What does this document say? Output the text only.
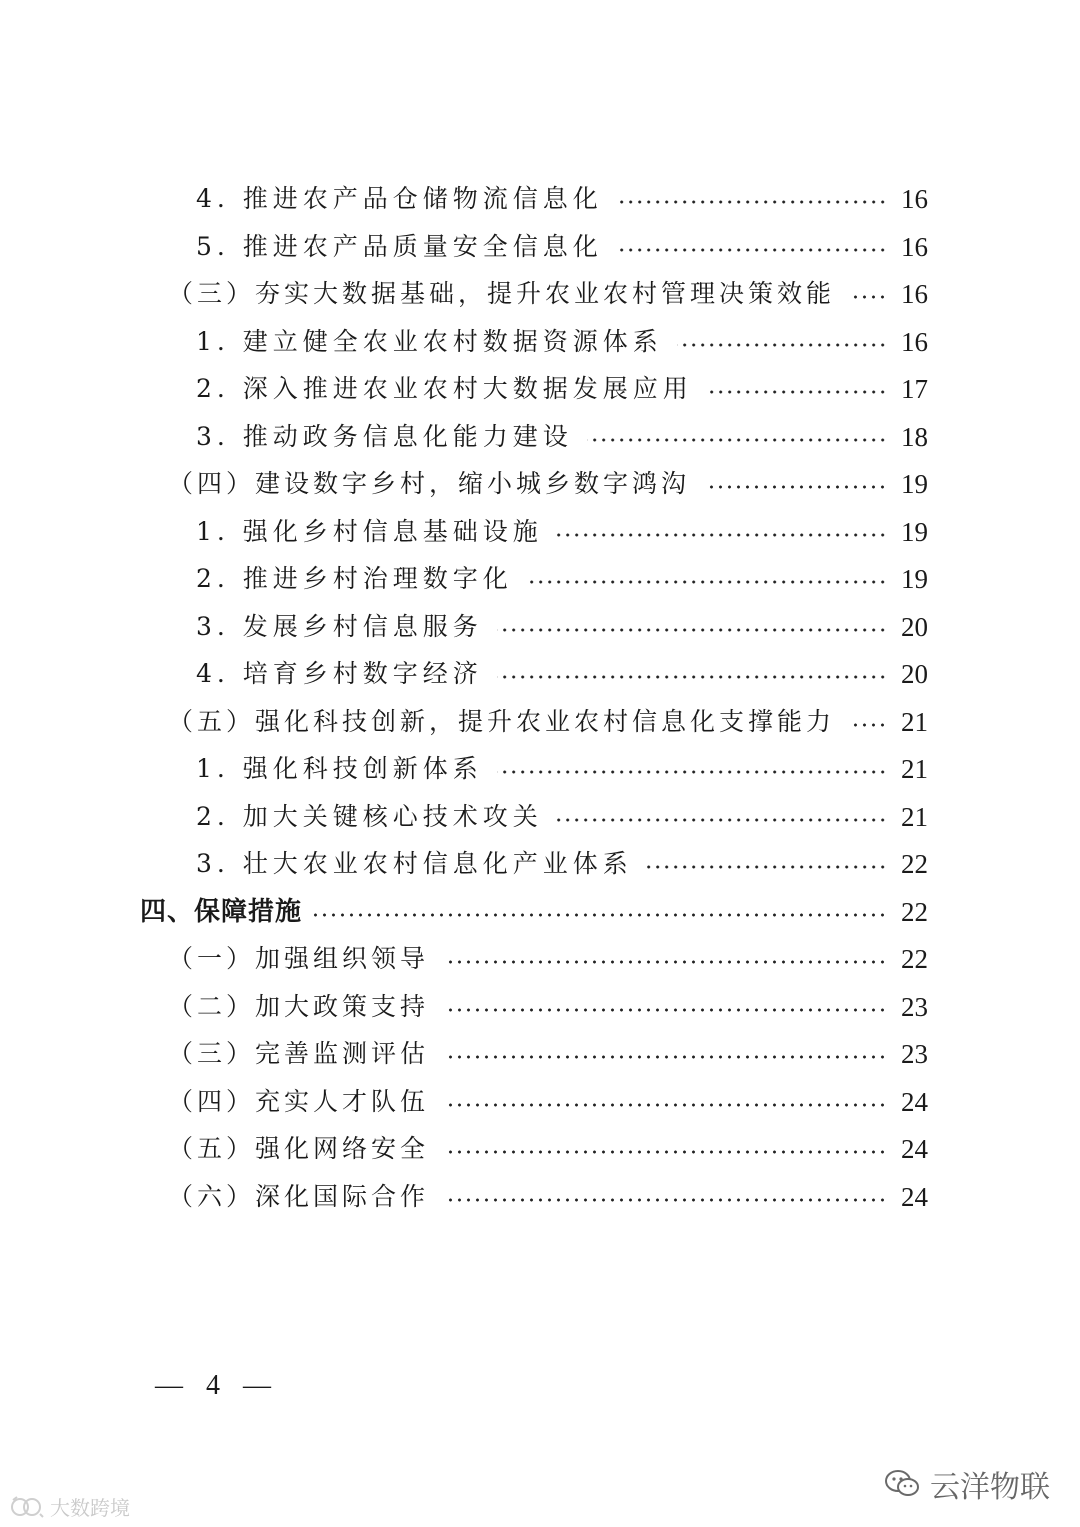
4. 推进农产品仓储物流信息化	16
5. 推进农产品质量安全信息化	16
（三）夯实大数据基础，提升农业农村管理决策效能 16
1. 建立健全农业农村数据资源体系	16
2. 深入推进农业农村大数据发展应用	17
3. 推动政务信息化能力建设	18
（四）建设数字乡村，缩小城乡数字鸿沟	19
1. 强化乡村信息基础设施	19
2. 推进乡村治理数字化	19
3. 发展乡村信息服务	20
4. 培育乡村数字经济	20
（五）强化科技创新，提升农业农村信息化支撑能力 21
1. 强化科技创新体系	21
2. 加大关键核心技术攻关	21
3. 壮大农业农村信息化产业体系	22
四、保障措施	22
（一）加强组织领导	22
（二）加大政策支持	23
（三）完善监测评估	23
（四）充实人才队伍	24
（五）强化网络安全	24
（六）深化国际合作	24
— 4 —
大数跨境
云洋物联
